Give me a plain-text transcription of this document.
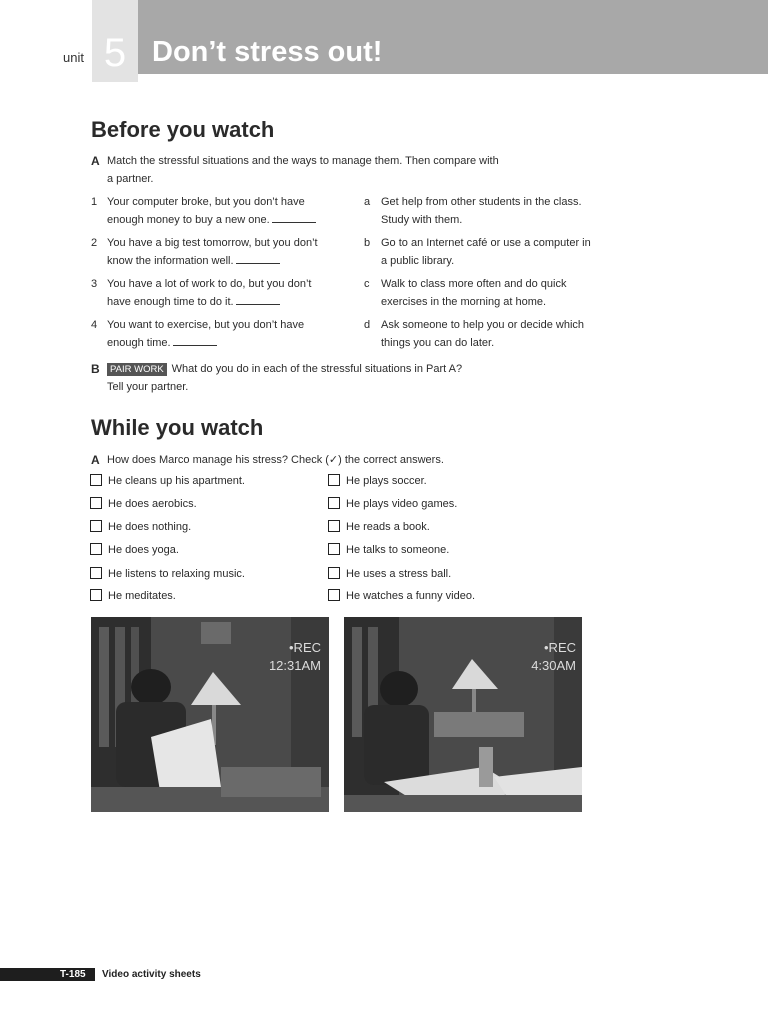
unit 5 Don’t stress out!
Before you watch
A Match the stressful situations and the ways to manage them. Then compare with
a partner.
1 Your computer broke, but you don’t have
enough money to buy a new one.
2 You have a big test tomorrow, but you don’t
know the information well.
3 You have a lot of work to do, but you don’t
have enough time to do it.
4 You want to exercise, but you don’t have
enough time.
a Get help from other students in the class.
Study with them.
b Go to an Internet café or use a computer in
a public library.
c Walk to class more often and do quick
exercises in the morning at home.
d Ask someone to help you or decide which
things you can do later.
B	PAIR WORK What do you do in each of the stressful situations in Part A?
Tell your partner.
While you watch
A How does Marco manage his stress? Check (✓) the correct answers.
He cleans up his apartment.
He does aerobics.
He does nothing.
He does yoga.
He listens to relaxing music.
He meditates.
He plays soccer.
He plays video games.
He reads a book.
He talks to someone.
He uses a stress ball.
He watches a funny video.
•REC
12:31AM
•REC
4:30AM
T-185 Video activity sheets
